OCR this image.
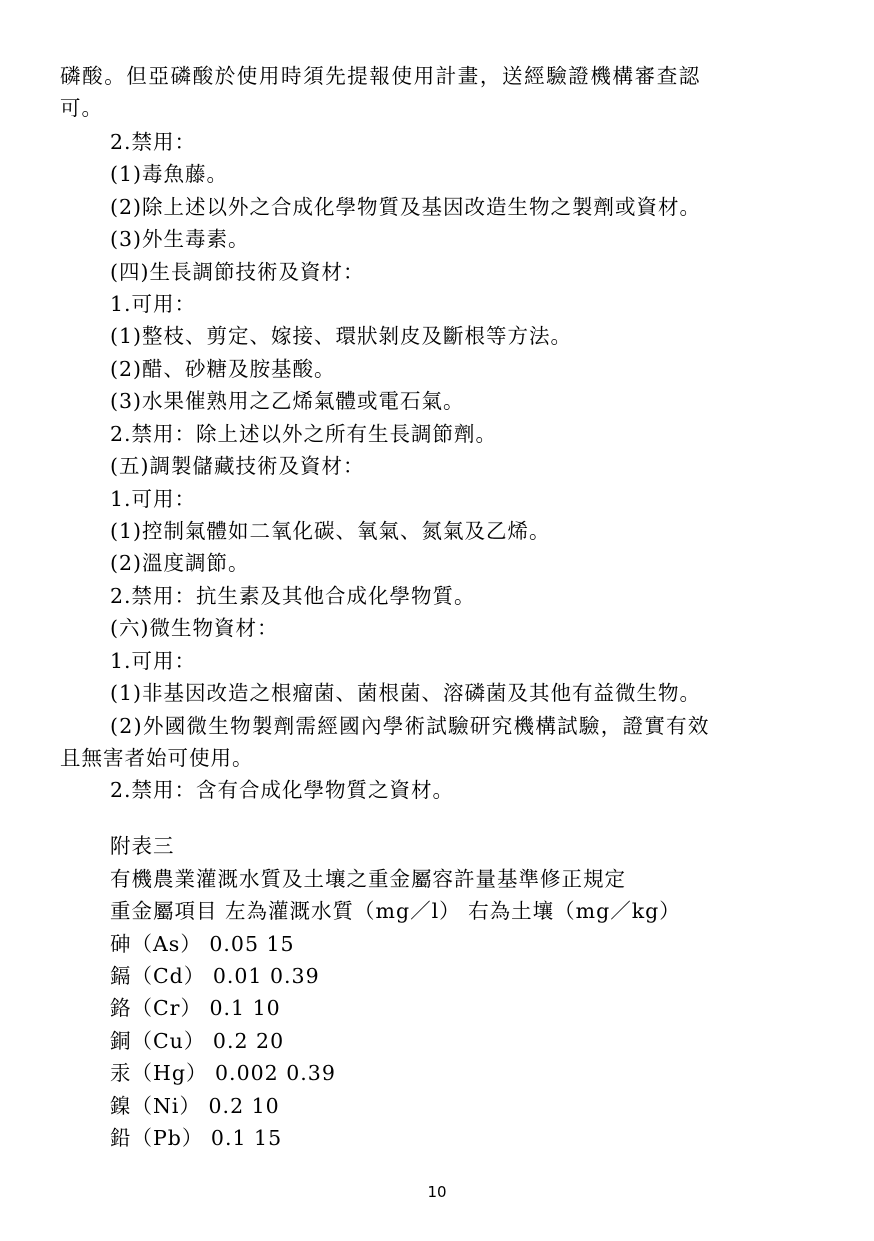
磷酸。但亞磷酸於使用時須先提報使用計畫，送經驗證機構審查認
可。
2.禁用：
(1)毒魚藤。
(2)除上述以外之合成化學物質及基因改造生物之製劑或資材。
(3)外生毒素。
(四)生長調節技術及資材：
1.可用：
(1)整枝、剪定、嫁接、環狀剝皮及斷根等方法。
(2)醋、砂糖及胺基酸。
(3)水果催熟用之乙烯氣體或電石氣。
2.禁用：除上述以外之所有生長調節劑。
(五)調製儲藏技術及資材：
1.可用：
(1)控制氣體如二氧化碳、氧氣、氮氣及乙烯。
(2)溫度調節。
2.禁用：抗生素及其他合成化學物質。
(六)微生物資材：
1.可用：
(1)非基因改造之根瘤菌、菌根菌、溶磷菌及其他有益微生物。
(2)外國微生物製劑需經國內學術試驗研究機構試驗，證實有效
且無害者始可使用。
2.禁用：含有合成化學物質之資材。
附表三
有機農業灌溉水質及土壤之重金屬容許量基準修正規定
重金屬項目 左為灌溉水質（mg／l） 右為土壤（mg／kg）
砷（As） 0.05 15
鎘（Cd） 0.01 0.39
鉻（Cr） 0.1 10
銅（Cu） 0.2 20
汞（Hg） 0.002 0.39
鎳（Ni） 0.2 10
鉛（Pb） 0.1 15
10
